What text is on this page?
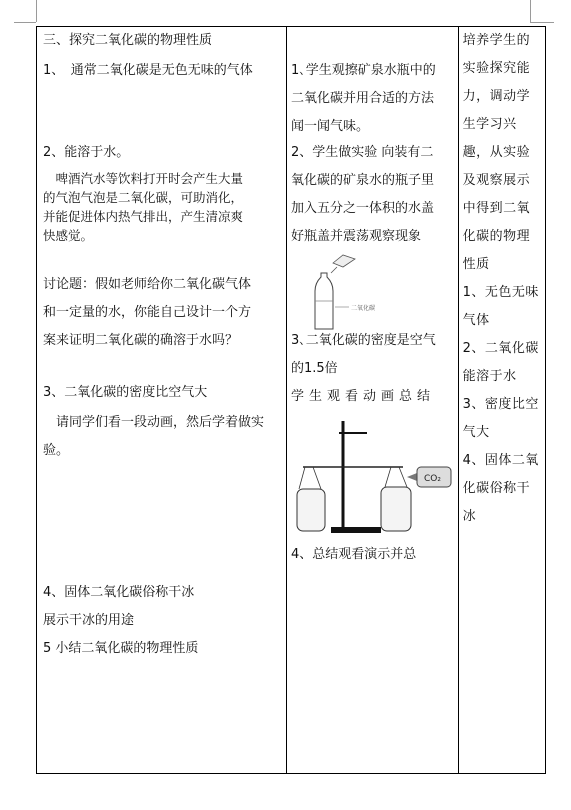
三、探究二氧化碳的物理性质
1、　通常二氧化碳是无色无味的气体
2、能溶于水。
　啤酒汽水等饮料打开时会产生大量
的气泡气泡是二氧化碳，可助消化，
并能促进体内热气排出，产生清凉爽
快感觉。
讨论题：假如老师给你二氧化碳气体
和一定量的水，你能自己设计一个方
案来证明二氧化碳的确溶于水吗？
3、二氧化碳的密度比空气大
　请同学们看一段动画，然后学着做实
验。
4、固体二氧化碳俗称干冰
展示干冰的用途
5 小结二氧化碳的物理性质

1､学生观擦矿泉水瓶中的
二氧化碳并用合适的方法
闻一闻气味。
2、学生做实验 向装有二
氧化碳的矿泉水的瓶子里
加入五分之一体积的水盖
好瓶盖并震荡观察现象
二氧化碳
3､二氧化碳的密度是空气
的1.5倍
学生观看动画总结
CO₂
4、总结观看演示并总

培养学生的
实验探究能
力，调动学
生学习兴
趣，从实验
及观察展示
中得到二氧
化碳的物理
性质
1、无色无味
气体
2、二氧化碳
能溶于水
3、密度比空
气大
4、固体二氧
化碳俗称干
冰
